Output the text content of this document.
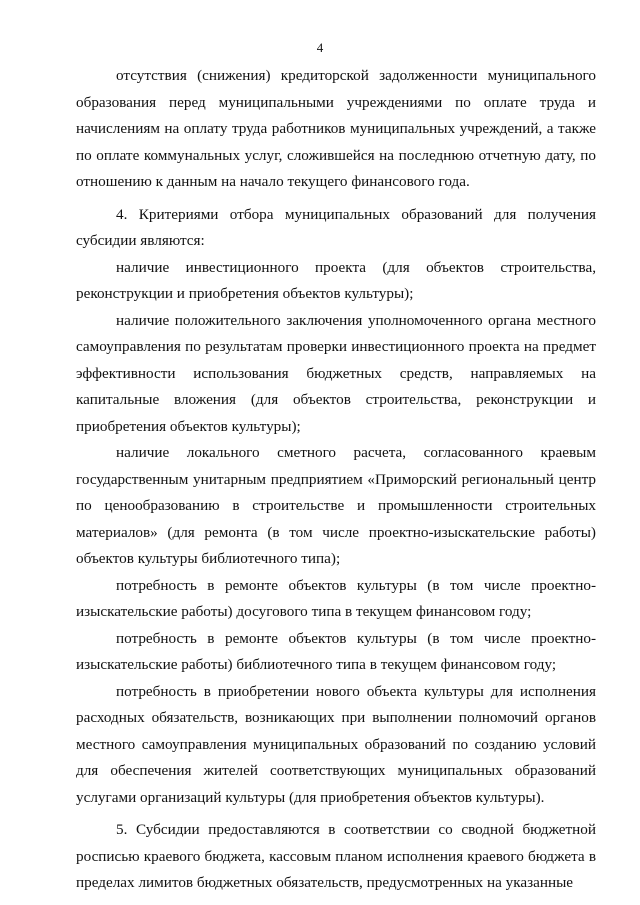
4

отсутствия (снижения) кредиторской задолженности муниципального образования перед муниципальными учреждениями по оплате труда и начислениям на оплату труда работников муниципальных учреждений, а также по оплате коммунальных услуг, сложившейся на последнюю отчетную дату, по отношению к данным на начало текущего финансового года.

4. Критериями отбора муниципальных образований для получения субсидии являются:

наличие инвестиционного проекта (для объектов строительства, реконструкции и приобретения объектов культуры);

наличие положительного заключения уполномоченного органа местного самоуправления по результатам проверки инвестиционного проекта на предмет эффективности использования бюджетных средств, направляемых на капитальные вложения (для объектов строительства, реконструкции и приобретения объектов культуры);

наличие локального сметного расчета, согласованного краевым государственным унитарным предприятием «Приморский региональный центр по ценообразованию в строительстве и промышленности строительных материалов» (для ремонта (в том числе проектно-изыскательские работы) объектов культуры библиотечного типа);

потребность в ремонте объектов культуры (в том числе проектно-изыскательские работы) досугового типа в текущем финансовом году;

потребность в ремонте объектов культуры (в том числе проектно-изыскательские работы) библиотечного типа в текущем финансовом году;

потребность в приобретении нового объекта культуры для исполнения расходных обязательств, возникающих при выполнении полномочий органов местного самоуправления муниципальных образований по созданию условий для обеспечения жителей соответствующих муниципальных образований услугами организаций культуры (для приобретения объектов культуры).

5. Субсидии предоставляются в соответствии со сводной бюджетной росписью краевого бюджета, кассовым планом исполнения краевого бюджета в пределах лимитов бюджетных обязательств, предусмотренных на указанные
